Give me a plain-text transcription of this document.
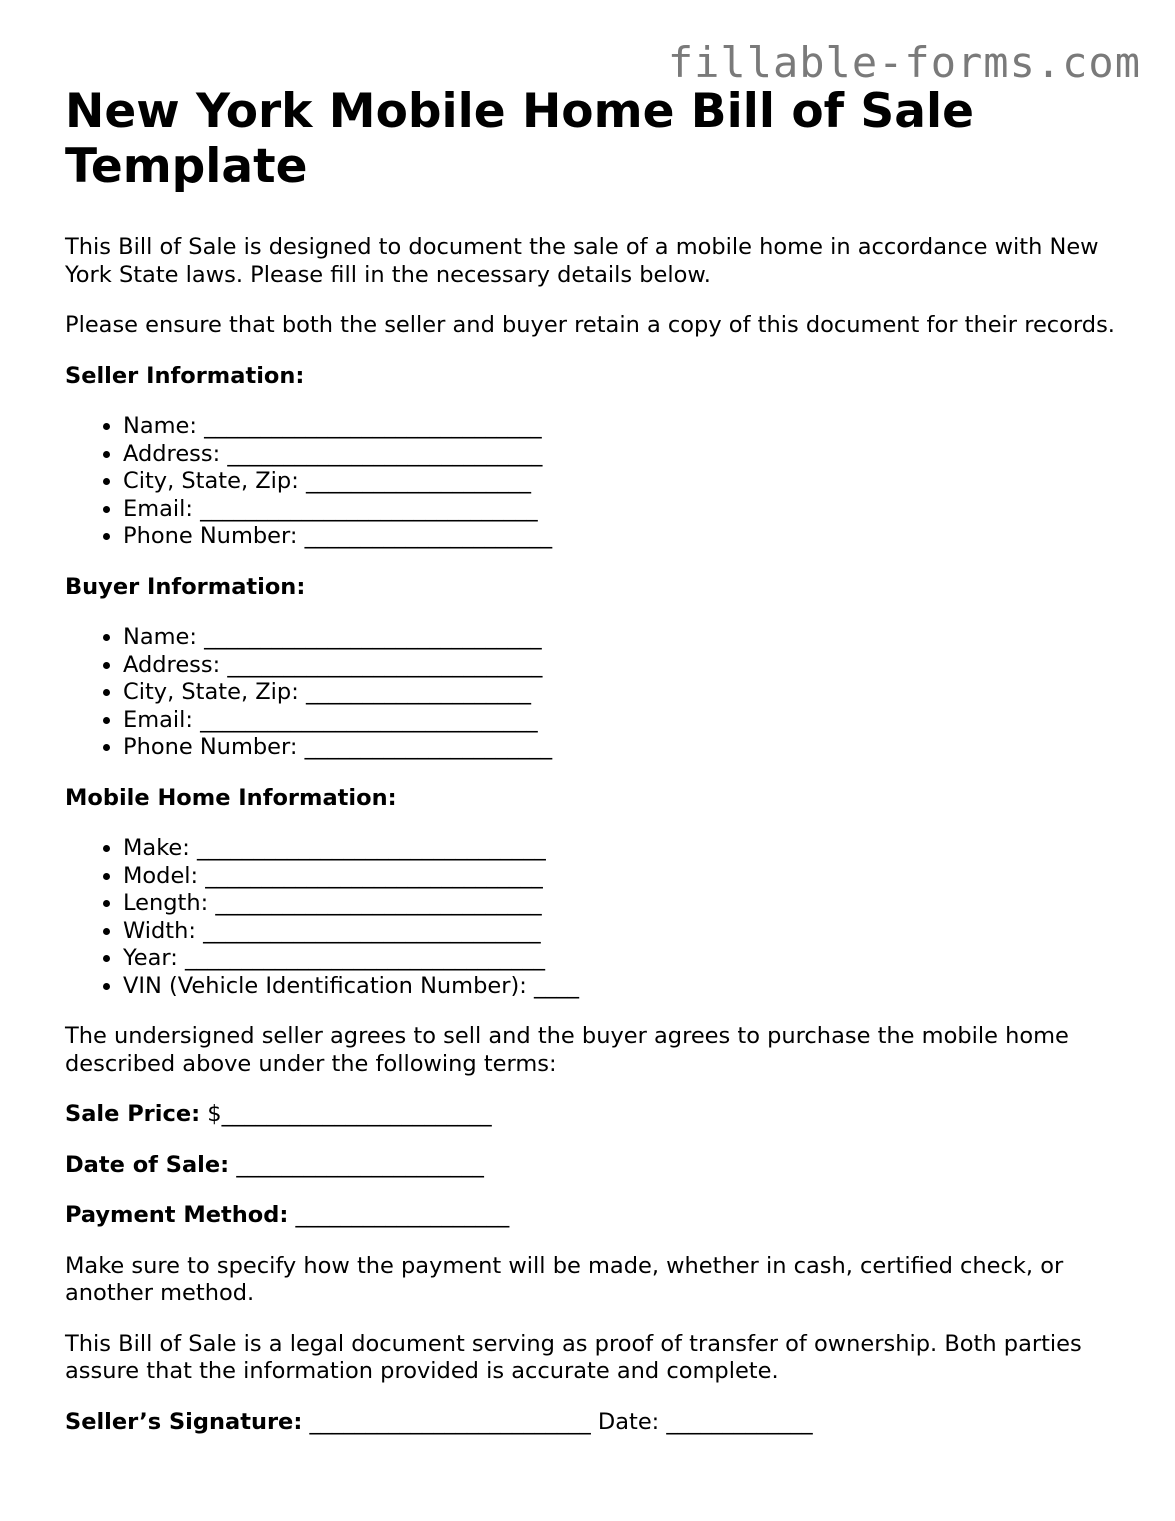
fillable-forms.com
New York Mobile Home Bill of Sale Template

This Bill of Sale is designed to document the sale of a mobile home in accordance with New York State laws. Please fill in the necessary details below.

Please ensure that both the seller and buyer retain a copy of this document for their records.

Seller Information:

• Name: ______________________________
• Address: ____________________________
• City, State, Zip: ____________________
• Email: ______________________________
• Phone Number: ______________________

Buyer Information:

• Name: ______________________________
• Address: ____________________________
• City, State, Zip: ____________________
• Email: ______________________________
• Phone Number: ______________________

Mobile Home Information:

• Make: _______________________________
• Model: ______________________________
• Length: _____________________________
• Width: ______________________________
• Year: ________________________________
• VIN (Vehicle Identification Number): ____

The undersigned seller agrees to sell and the buyer agrees to purchase the mobile home described above under the following terms:

Sale Price: $________________________

Date of Sale: ______________________

Payment Method: ___________________

Make sure to specify how the payment will be made, whether in cash, certified check, or another method.

This Bill of Sale is a legal document serving as proof of transfer of ownership. Both parties assure that the information provided is accurate and complete.

Seller’s Signature: _________________________ Date: _____________
